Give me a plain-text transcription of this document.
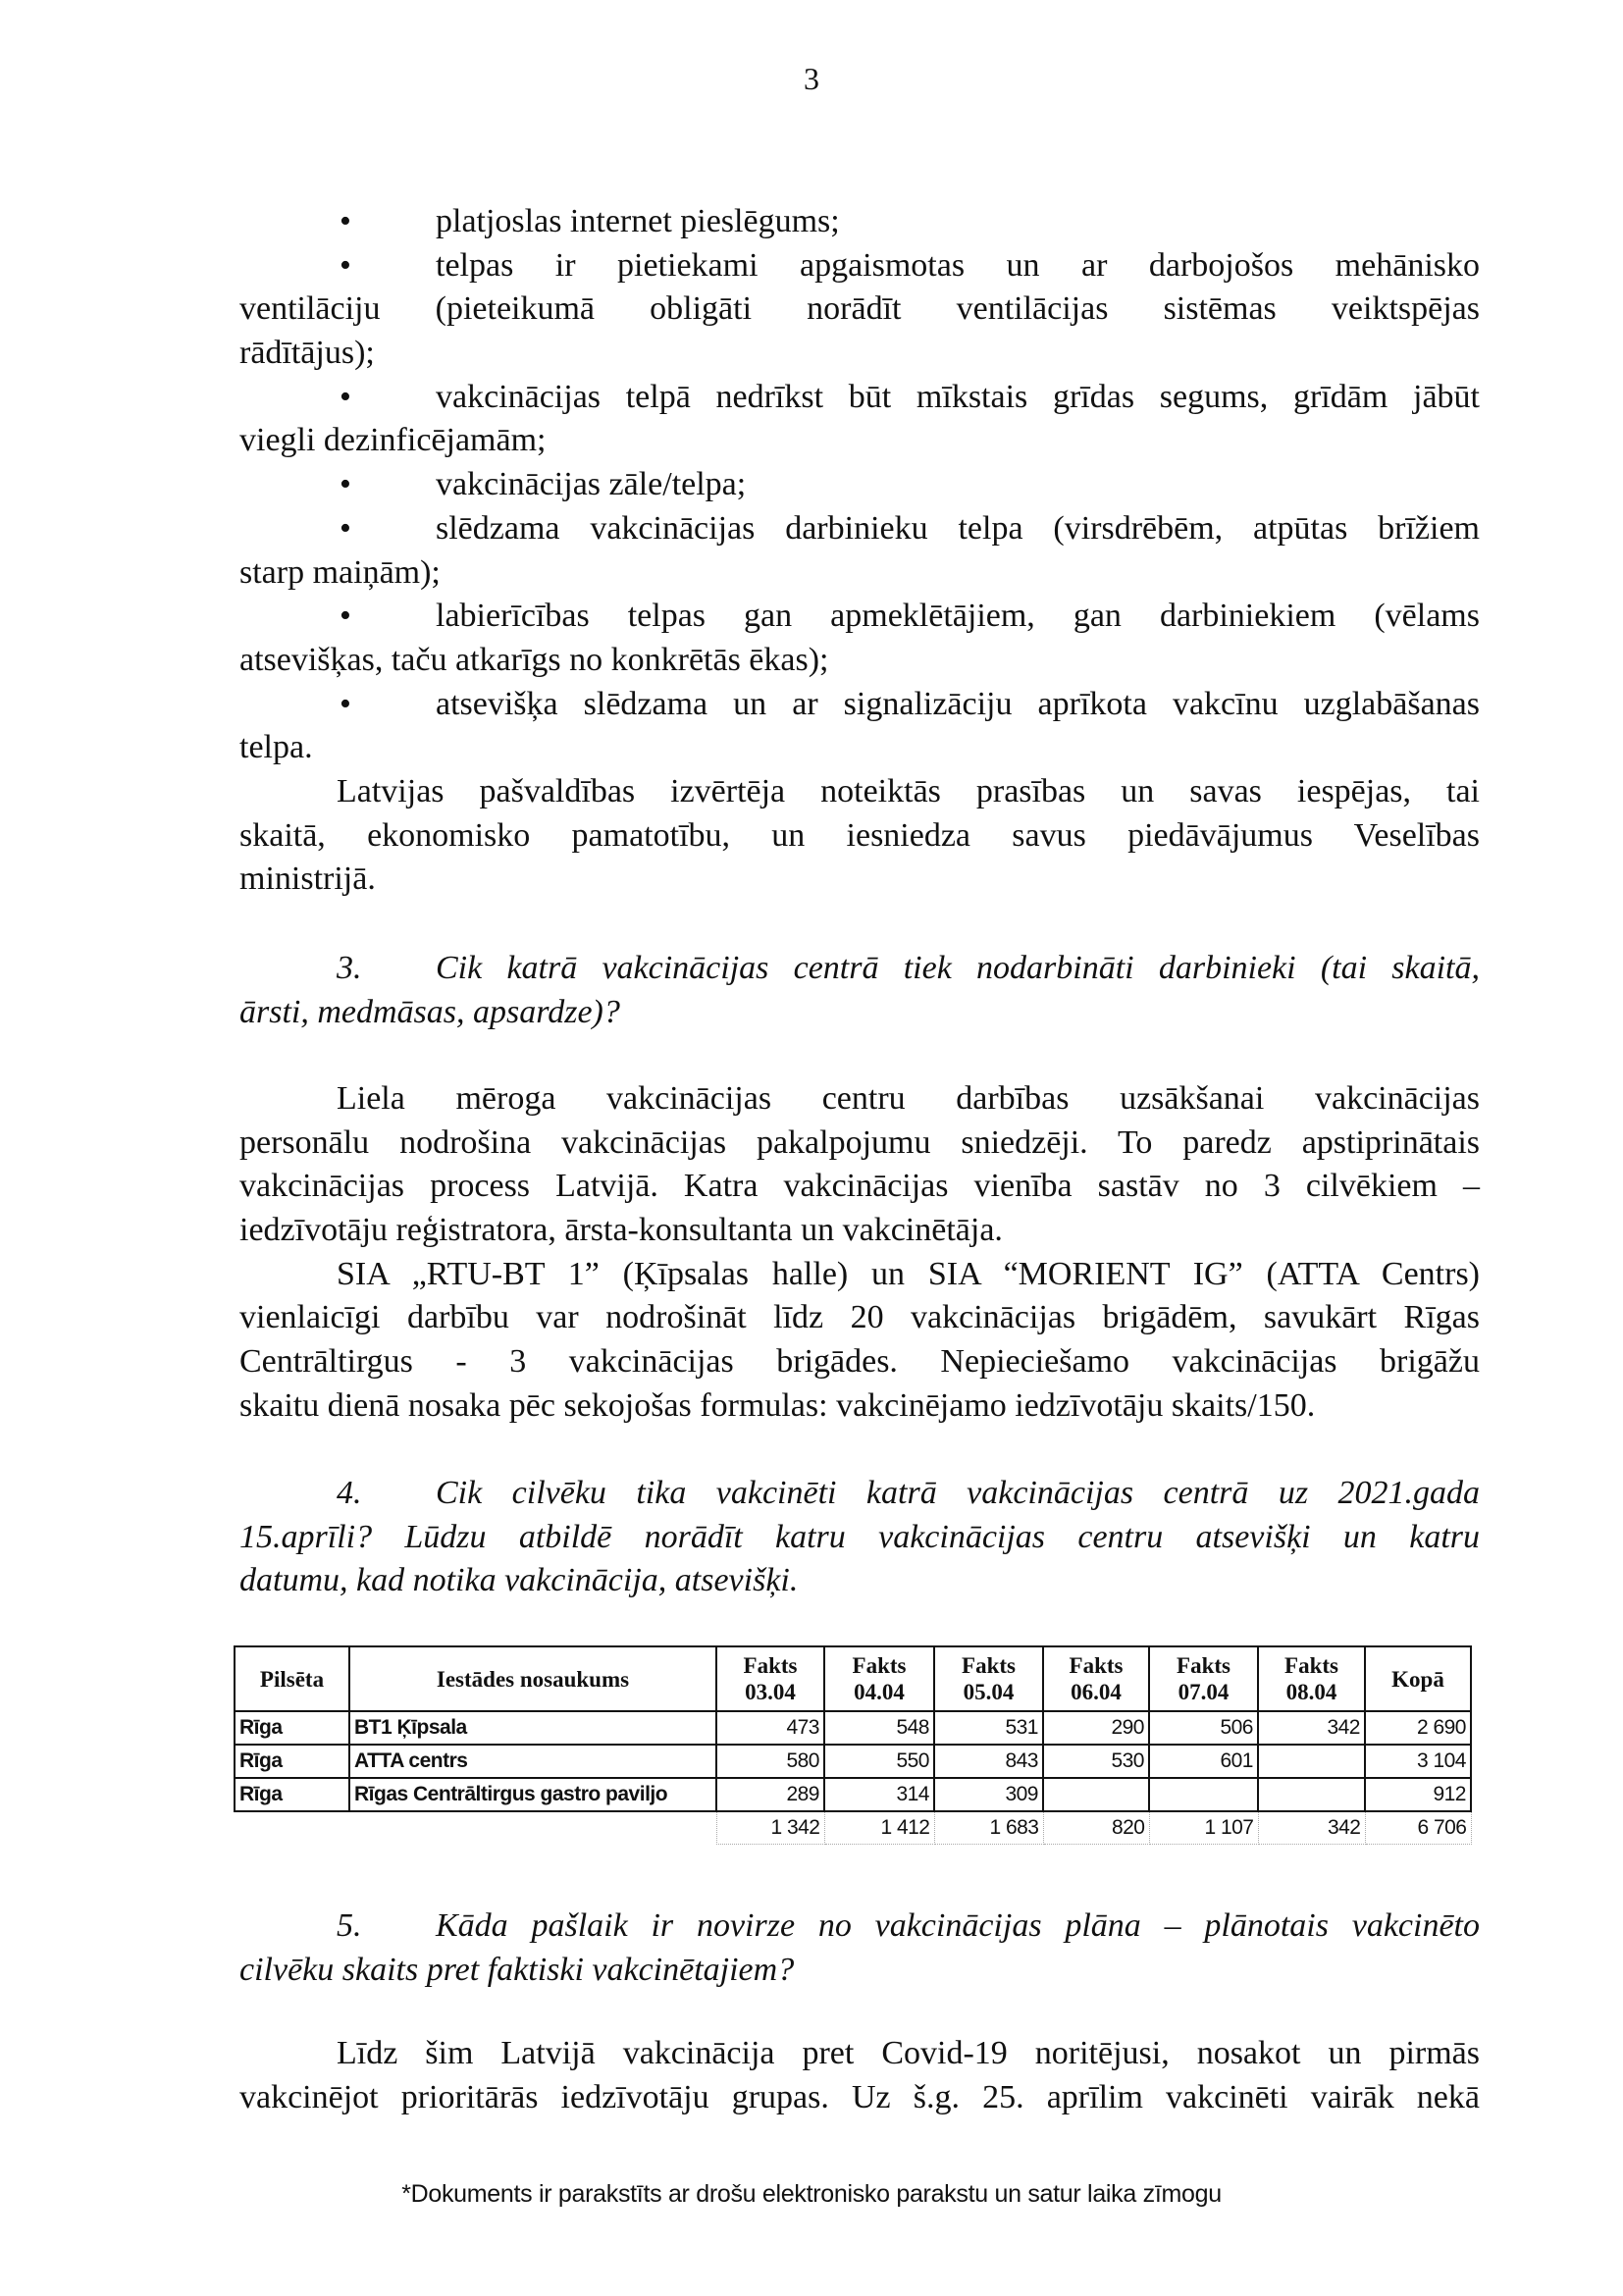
3
•	platjoslas internet pieslēgums;
•	telpas ir pietiekami apgaismotas un ar darbojošos mehānisko
ventilāciju (pieteikumā obligāti norādīt ventilācijas sistēmas veiktspējas
rādītājus);
•	vakcinācijas telpā nedrīkst būt mīkstais grīdas segums, grīdām jābūt
viegli dezinficējamām;
•	vakcinācijas zāle/telpa;
•	slēdzama vakcinācijas darbinieku telpa (virsdrēbēm, atpūtas brīžiem
starp maiņām);
•	labierīcības telpas gan apmeklētājiem, gan darbiniekiem (vēlams
atsevišķas, taču atkarīgs no konkrētās ēkas);
•	atsevišķa slēdzama un ar signalizāciju aprīkota vakcīnu uzglabāšanas
telpa.
Latvijas pašvaldības izvērtēja noteiktās prasības un savas iespējas, tai
skaitā, ekonomisko pamatotību, un iesniedza savus piedāvājumus Veselības
ministrijā.
3. Cik katrā vakcinācijas centrā tiek nodarbināti darbinieki (tai skaitā,
ārsti, medmāsas, apsardze)?
Liela mēroga vakcinācijas centru darbības uzsākšanai vakcinācijas
personālu nodrošina vakcinācijas pakalpojumu sniedzēji. To paredz apstiprinātais
vakcinācijas process Latvijā. Katra vakcinācijas vienība sastāv no 3 cilvēkiem –
iedzīvotāju reģistratora, ārsta-konsultanta un vakcinētāja.
SIA „RTU-BT 1” (Ķīpsalas halle) un SIA “MORIENT IG” (ATTA Centrs)
vienlaicīgi darbību var nodrošināt līdz 20 vakcinācijas brigādēm, savukārt Rīgas
Centrāltirgus - 3 vakcinācijas brigādes. Nepieciešamo vakcinācijas brigāžu
skaitu dienā nosaka pēc sekojošas formulas: vakcinējamo iedzīvotāju skaits/150.
4. Cik cilvēku tika vakcinēti katrā vakcinācijas centrā uz 2021.gada
15.aprīli? Lūdzu atbildē norādīt katru vakcinācijas centru atsevišķi un katru
datumu, kad notika vakcinācija, atsevišķi.
Pilsēta	Iestādes nosaukums	Fakts 03.04	Fakts 04.04	Fakts 05.04	Fakts 06.04	Fakts 07.04	Fakts 08.04	Kopā
Rīga	BT1 Ķīpsala	473	548	531	290	506	342	2 690
Rīga	ATTA centrs	580	550	843	530	601		3 104
Rīga	Rīgas Centrāltirgus gastro paviljo	289	314	309				912
		1 342	1 412	1 683	820	1 107	342	6 706
5. Kāda pašlaik ir novirze no vakcinācijas plāna – plānotais vakcinēto
cilvēku skaits pret faktiski vakcinētajiem?
Līdz šim Latvijā vakcinācija pret Covid-19 noritējusi, nosakot un pirmās
vakcinējot prioritārās iedzīvotāju grupas. Uz š.g. 25. aprīlim vakcinēti vairāk nekā
*Dokuments ir parakstīts ar drošu elektronisko parakstu un satur laika zīmogu
